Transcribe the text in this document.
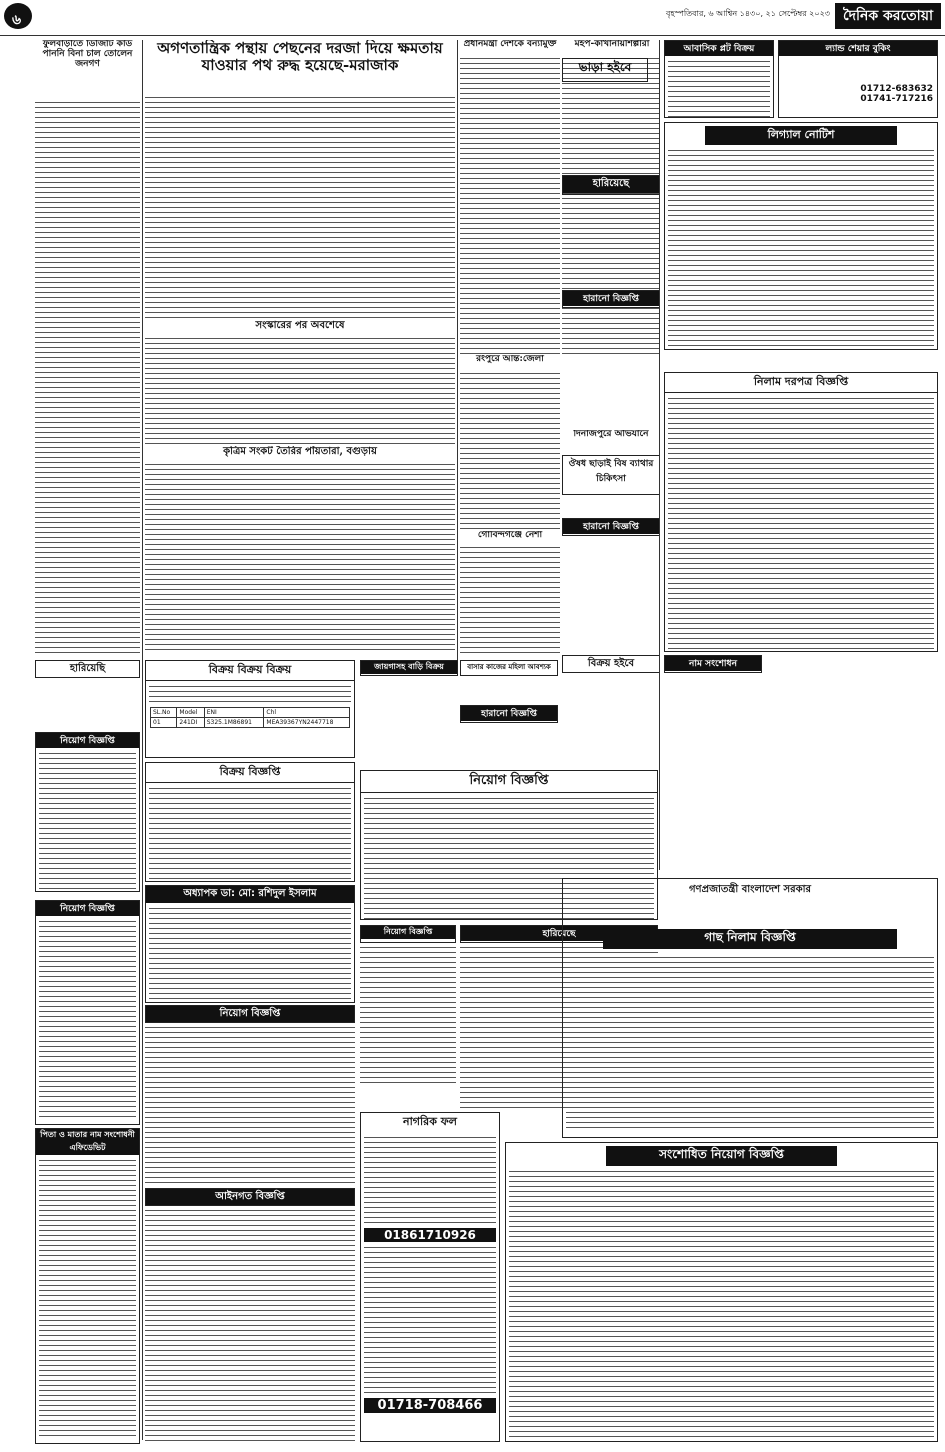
৬	বৃহস্পতিবার, ৬ আশ্বিন ১৪৩০, ২১ সেপ্টেম্বর ২০২৩ দৈনিক করতোয়া
ফুলবাড়ীতে ডিজিটি কার্ড পাননি বিনা চাল তোলেন জনগণ
অগণতান্ত্রিক পন্থায় পেছনের দরজা দিয়ে ক্ষমতায় যাওয়ার পথ রুদ্ধ হয়েছে-মরাজাক
সংস্কারের পর অবশেষে
কৃত্রিম সংকট তৈরির পাঁয়তারা, বগুড়ায়
প্রধানমন্ত্রী দেশকে বন্যামুক্ত	মহপ-কাখানায়শিল্পীরা
রংপুরে আন্ত:জেলা
গোবিন্দগঞ্জে নেশা
দিনাজপুরে অভিযানে
ভাড়া হইবে
আবাসিক প্লট বিক্রয়	ল্যান্ড শেয়ার বুকিং
01712-683632
01741-717216
লিগ্যাল নোটিশ
হারিয়েছে
হারানো বিজ্ঞপ্তি
ঔষধ ছাড়াই বিষ ব্যাথার চিকিৎসা
নিলাম দরপত্র বিজ্ঞপ্তি
হারানো বিজ্ঞপ্তি
বিক্রয় হইবে	নাম সংশোধন
হারানো বিজ্ঞপ্তি
জায়গাসহ বাড়ি বিক্রয়	বাসার কাজের মহিলা আবশ্যক
হারিয়েছি
নিয়োগ বিজ্ঞপ্তি
নিয়োগ বিজ্ঞপ্তি
পিতা ও মাতার নাম সংশোধনী এফিডেভিট
বিক্রয় বিক্রয় বিক্রয়
SL.No	Model	ENI	Chl
01	241DI	S325.1M86891	MEA39367YN2447718
বিক্রয় বিজ্ঞপ্তি
অধ্যাপক ডা: মো: রশিদুল ইসলাম
নিয়োগ বিজ্ঞপ্তি
আইনগত বিজ্ঞপ্তি
নিয়োগ বিজ্ঞপ্তি
নিয়োগ বিজ্ঞপ্তি	হারিয়েছে
নাগরিক ফল
01861710926
01718-708466
গণপ্রজাতন্ত্রী বাংলাদেশ সরকার
গাছ নিলাম বিজ্ঞপ্তি
সংশোধিত নিয়োগ বিজ্ঞপ্তি
